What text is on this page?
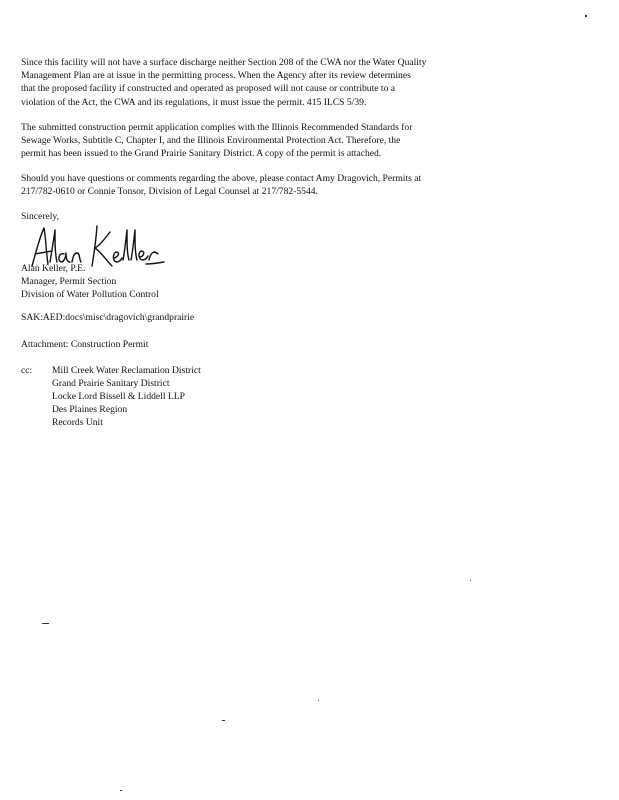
Since this facility will not have a surface discharge neither Section 208 of the CWA nor the Water Quality
Management Plan are at issue in the permitting process. When the Agency after its review determines
that the proposed facility if constructed and operated as proposed will not cause or contribute to a
violation of the Act, the CWA and its regulations, it must issue the permit. 415 ILCS 5/39.
The submitted construction permit application complies with the Illinois Recommended Standards for
Sewage Works, Subtitle C, Chapter I, and the Illinois Environmental Protection Act. Therefore, the
permit has been issued to the Grand Prairie Sanitary District. A copy of the permit is attached.
Should you have questions or comments regarding the above, please contact Amy Dragovich, Permits at
217/782-0610 or Connie Tonsor, Division of Legal Counsel at 217/782-5544.

Sincerely,

Alan Keller, P.E.

Manager, Permit Section

Division of Water Pollution Control

SAK:AED:docs\misc\dragovich\grandprairie

Attachment: Construction Permit

cc: Mill Creek Water Reclamation District
Grand Prairie Sanitary District
Locke Lord Bissell & Liddell LLP
Des Plaines Region
Records Unit
